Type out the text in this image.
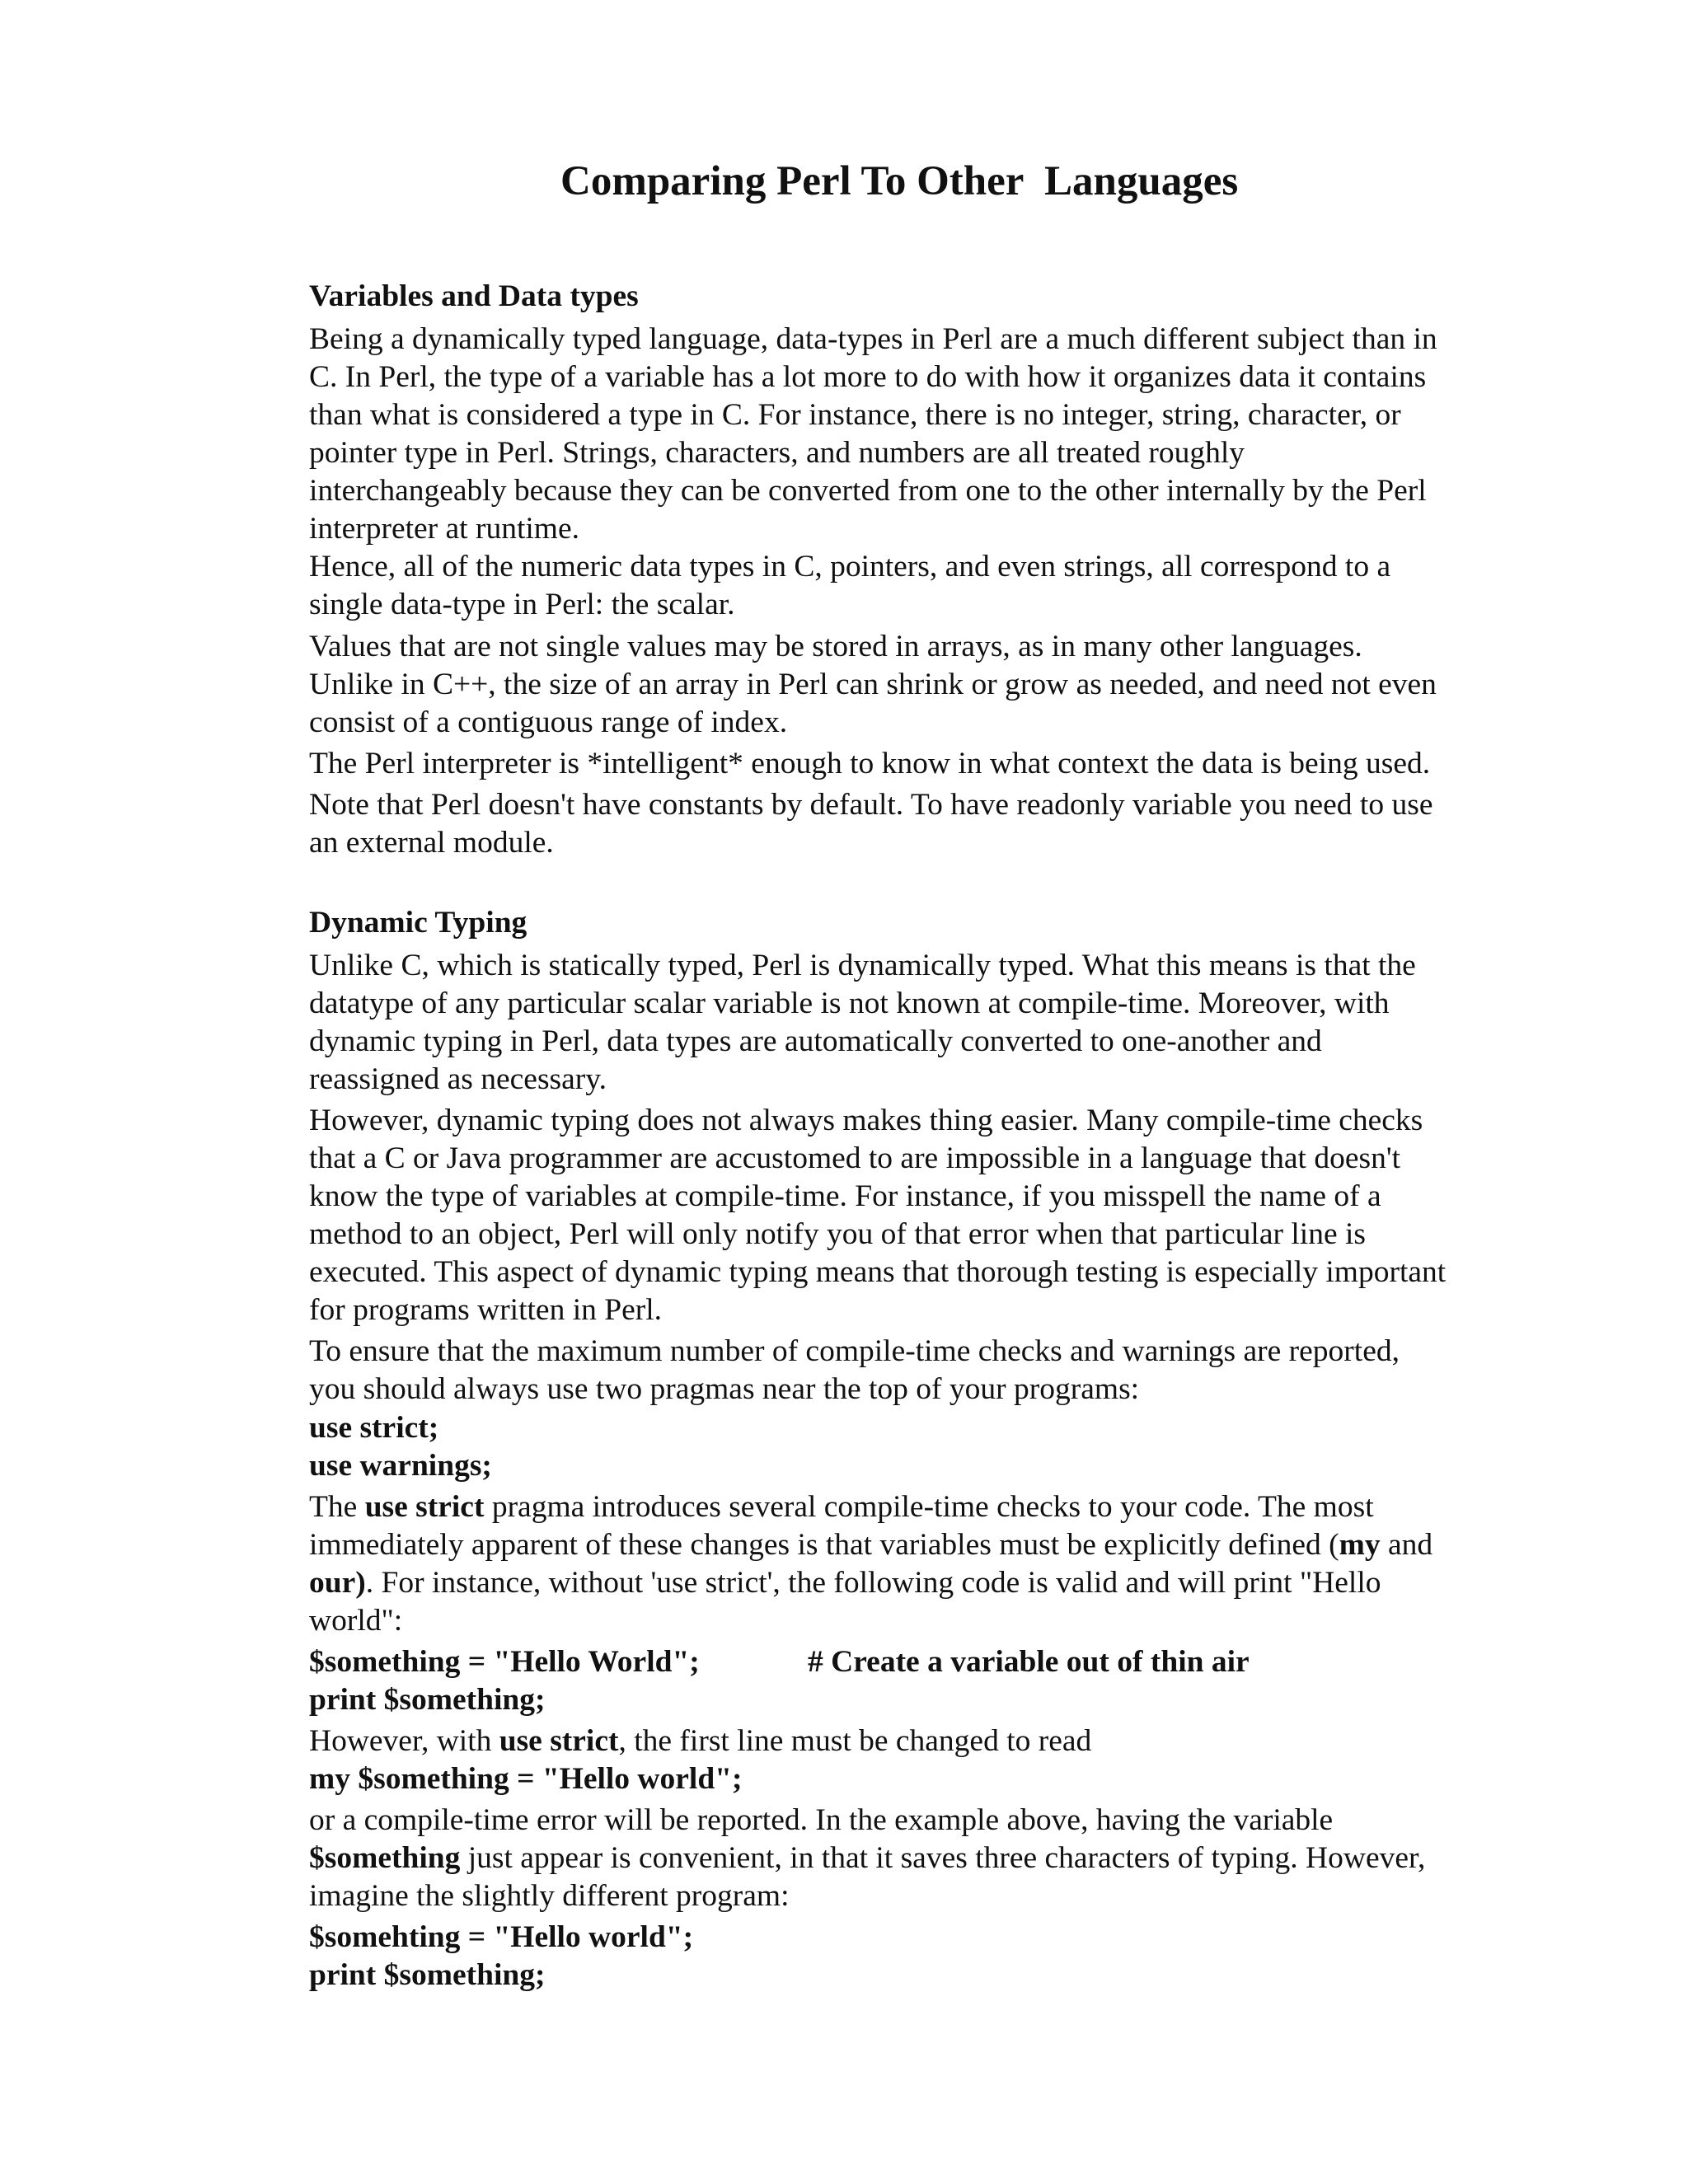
Comparing Perl To Other  Languages
Variables and Data types
Being a dynamically typed language, data-types in Perl are a much different subject than in
C. In Perl, the type of a variable has a lot more to do with how it organizes data it contains
than what is considered a type in C. For instance, there is no integer, string, character, or
pointer type in Perl. Strings, characters, and numbers are all treated roughly
interchangeably because they can be converted from one to the other internally by the Perl
interpreter at runtime.
Hence, all of the numeric data types in C, pointers, and even strings, all correspond to a
single data-type in Perl: the scalar.
Values that are not single values may be stored in arrays, as in many other languages.
Unlike in C++, the size of an array in Perl can shrink or grow as needed, and need not even
consist of a contiguous range of index.
The Perl interpreter is *intelligent* enough to know in what context the data is being used.
Note that Perl doesn't have constants by default. To have readonly variable you need to use
an external module.
Dynamic Typing
Unlike C, which is statically typed, Perl is dynamically typed. What this means is that the
datatype of any particular scalar variable is not known at compile-time. Moreover, with
dynamic typing in Perl, data types are automatically converted to one-another and
reassigned as necessary.
However, dynamic typing does not always makes thing easier. Many compile-time checks
that a C or Java programmer are accustomed to are impossible in a language that doesn't
know the type of variables at compile-time. For instance, if you misspell the name of a
method to an object, Perl will only notify you of that error when that particular line is
executed. This aspect of dynamic typing means that thorough testing is especially important
for programs written in Perl.
To ensure that the maximum number of compile-time checks and warnings are reported,
you should always use two pragmas near the top of your programs:
use strict;
use warnings;
The use strict pragma introduces several compile-time checks to your code. The most
immediately apparent of these changes is that variables must be explicitly defined (my and
our). For instance, without 'use strict', the following code is valid and will print "Hello
world":
$something = "Hello World";	# Create a variable out of thin air
print $something;
However, with use strict, the first line must be changed to read
my $something = "Hello world";
or a compile-time error will be reported. In the example above, having the variable
$something just appear is convenient, in that it saves three characters of typing. However,
imagine the slightly different program:
$somehting = "Hello world";
print $something;
